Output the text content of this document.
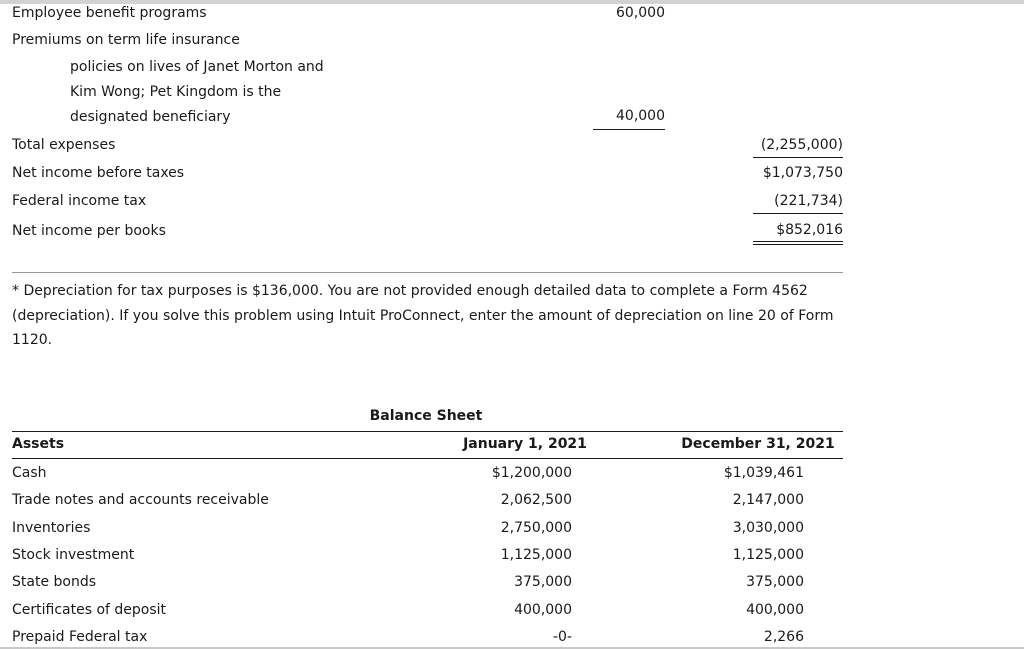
Employee benefit programs	60,000
Premiums on term life insurance
policies on lives of Janet Morton and
Kim Wong; Pet Kingdom is the
designated beneficiary	40,000
Total expenses	(2,255,000)
Net income before taxes	$1,073,750
Federal income tax	(221,734)
Net income per books	$852,016
* Depreciation for tax purposes is $136,000. You are not provided enough detailed data to complete a Form 4562 (depreciation). If you solve this problem using Intuit ProConnect, enter the amount of depreciation on line 20 of Form 1120.
Balance Sheet
Assets	January 1, 2021	December 31, 2021
Cash	$1,200,000	$1,039,461
Trade notes and accounts receivable	2,062,500	2,147,000
Inventories	2,750,000	3,030,000
Stock investment	1,125,000	1,125,000
State bonds	375,000	375,000
Certificates of deposit	400,000	400,000
Prepaid Federal tax	-0-	2,266
